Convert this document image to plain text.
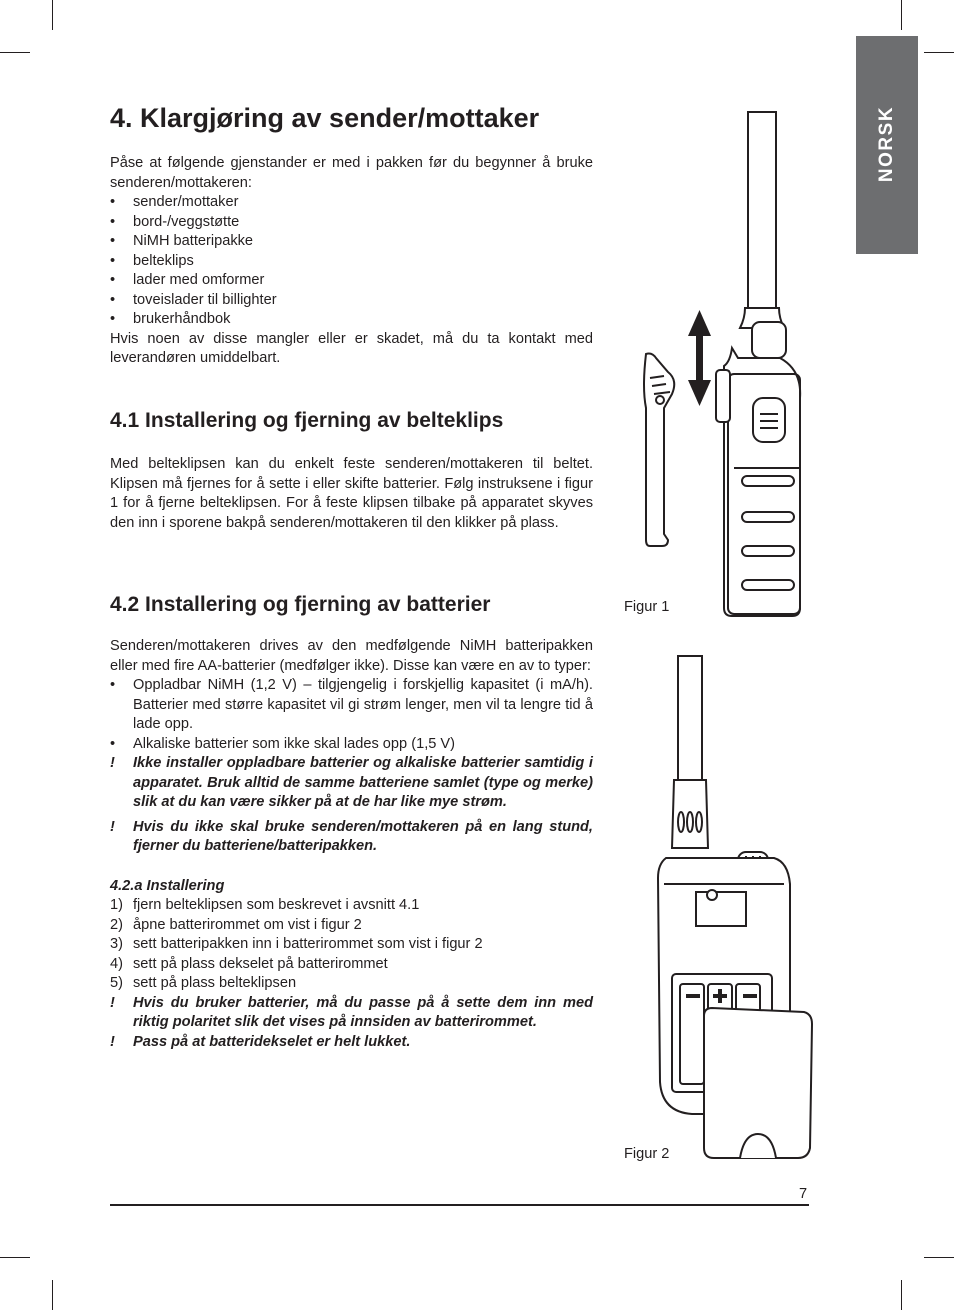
NORSK
4. Klargjøring av sender/mottaker

Påse at følgende gjenstander er med i pakken før du begynner å bruke senderen/mottakeren:

• sender/mottaker
• bord-/veggstøtte
• NiMH batteripakke
• belteklips
• lader med omformer
• toveislader til billighter
• brukerhåndbok

Hvis noen av disse mangler eller er skadet, må du ta kontakt med leverandøren umiddelbart.

4.1 Installering og fjerning av belteklips

Med belteklipsen kan du enkelt feste senderen/mottakeren til beltet. Klipsen må fjernes for å sette i eller skifte batterier. Følg instruksene i figur 1 for å fjerne belteklipsen. For å feste klipsen tilbake på apparatet skyves den inn i sporene bakpå senderen/mottakeren til den klikker på plass.

4.2 Installering og fjerning av batterier

Senderen/mottakeren drives av den medfølgende NiMH batteripakken eller med fire AA-batterier (medfølger ikke). Disse kan være en av to typer:

• Oppladbar NiMH (1,2 V) – tilgjengelig i forskjellig kapasitet (i mA/h). Batterier med større kapasitet vil gi strøm lenger, men vil ta lengre tid å lade opp.
• Alkaliske batterier som ikke skal lades opp (1,5 V)
! Ikke installer oppladbare batterier og alkaliske batterier samtidig i apparatet. Bruk alltid de samme batteriene samlet (type og merke) slik at du kan være sikker på at de har like mye strøm.
! Hvis du ikke skal bruke senderen/mottakeren på en lang stund, fjerner du batteriene/batteripakken.
4.2.a Installering
1) fjern belteklipsen som beskrevet i avsnitt 4.1
2) åpne batterirommet om vist i figur 2
3) sett batteripakken inn i batterirommet som vist i figur 2
4) sett på plass dekselet på batterirommet
5) sett på plass belteklipsen
! Hvis du bruker batterier, må du passe på å sette dem inn med riktig polaritet slik det vises på innsiden av batterirommet.
! Pass på at batteridekselet er helt lukket.
Figur 1
Figur 2
7
